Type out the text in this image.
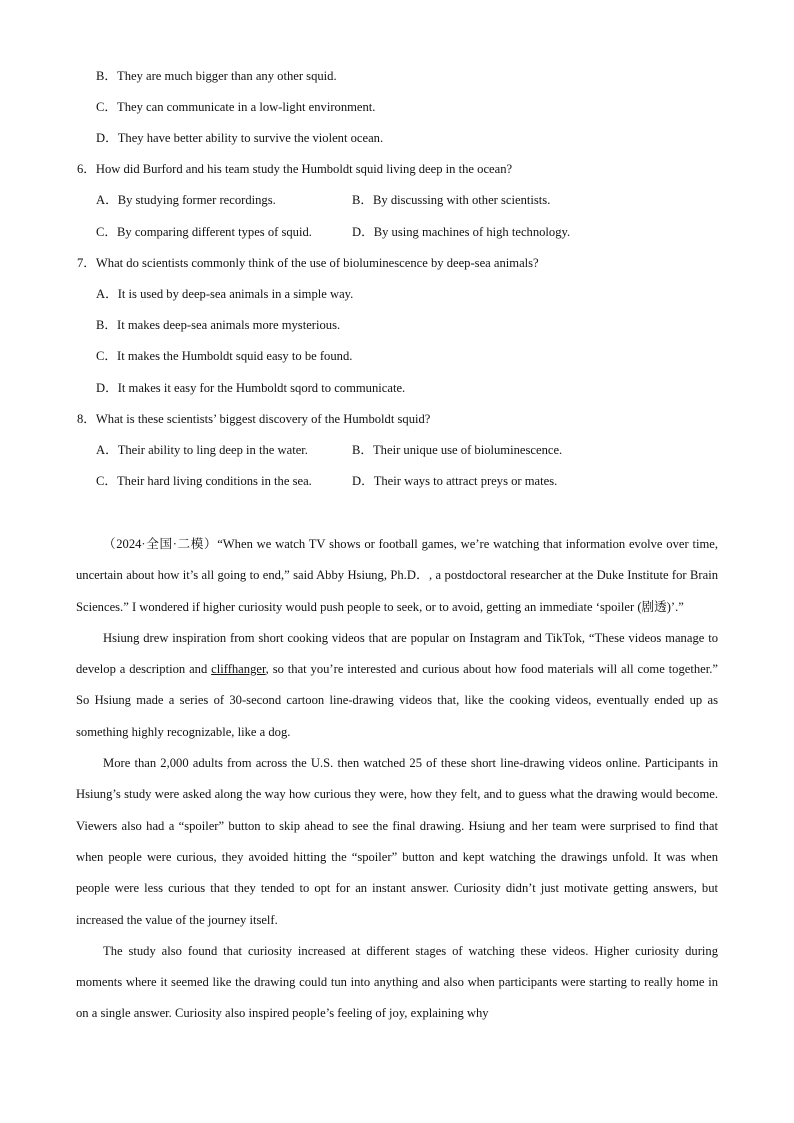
B．They are much bigger than any other squid.
C．They can communicate in a low-light environment.
D．They have better ability to survive the violent ocean.
6．How did Burford and his team study the Humboldt squid living deep in the ocean?
A．By studying former recordings.	B．By discussing with other scientists.
C．By comparing different types of squid.	D．By using machines of high technology.
7．What do scientists commonly think of the use of bioluminescence by deep-sea animals?
A．It is used by deep-sea animals in a simple way.
B．It makes deep-sea animals more mysterious.
C．It makes the Humboldt squid easy to be found.
D．It makes it easy for the Humboldt sqord to communicate.
8．What is these scientists’ biggest discovery of the Humboldt squid?
A．Their ability to ling deep in the water.	B．Their unique use of bioluminescence.
C．Their hard living conditions in the sea.	D．Their ways to attract preys or mates.

（2024·全国·二模）“When we watch TV shows or football games, we’re watching that information evolve over time, uncertain about how it’s all going to end,” said Abby Hsiung, Ph.D．, a postdoctoral researcher at the Duke Institute for Brain Sciences.” I wondered if higher curiosity would push people to seek, or to avoid, getting an immediate ‘spoiler (剧透)’.”

Hsiung drew inspiration from short cooking videos that are popular on Instagram and TikTok, “These videos manage to develop a description and cliffhanger, so that you’re interested and curious about how food materials will all come together.” So Hsiung made a series of 30-second cartoon line-drawing videos that, like the cooking videos, eventually ended up as something highly recognizable, like a dog.

More than 2,000 adults from across the U.S. then watched 25 of these short line-drawing videos online. Participants in Hsiung’s study were asked along the way how curious they were, how they felt, and to guess what the drawing would become. Viewers also had a “spoiler” button to skip ahead to see the final drawing. Hsiung and her team were surprised to find that when people were curious, they avoided hitting the “spoiler” button and kept watching the drawings unfold. It was when people were less curious that they tended to opt for an instant answer. Curiosity didn’t just motivate getting answers, but increased the value of the journey itself.

The study also found that curiosity increased at different stages of watching these videos. Higher curiosity during moments where it seemed like the drawing could tun into anything and also when participants were starting to really home in on a single answer. Curiosity also inspired people’s feeling of joy, explaining why
